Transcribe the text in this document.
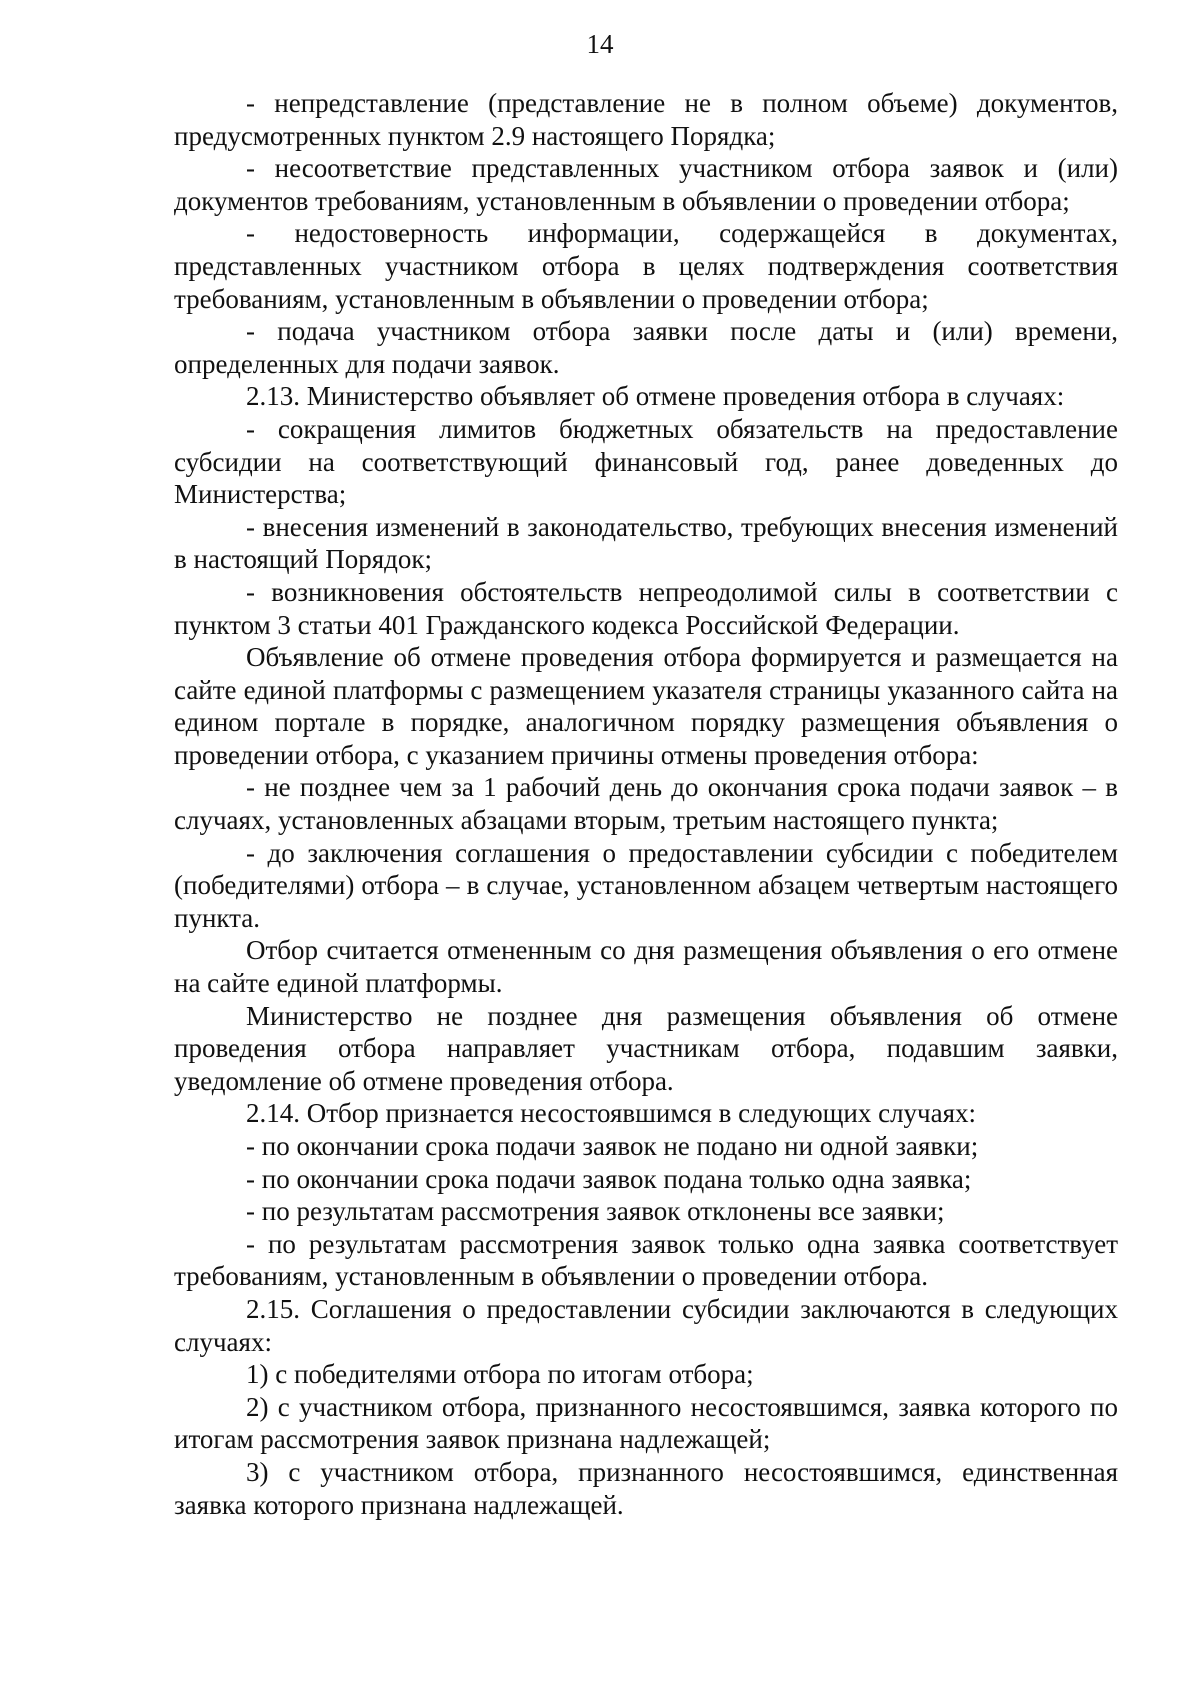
14

- непредставление (представление не в полном объеме) документов, предусмотренных пунктом 2.9 настоящего Порядка;

- несоответствие представленных участником отбора заявок и (или) документов требованиям, установленным в объявлении о проведении отбора;

- недостоверность информации, содержащейся в документах, представленных участником отбора в целях подтверждения соответствия требованиям, установленным в объявлении о проведении отбора;

- подача участником отбора заявки после даты и (или) времени, определенных для подачи заявок.

2.13. Министерство объявляет об отмене проведения отбора в случаях:

- сокращения лимитов бюджетных обязательств на предоставление субсидии на соответствующий финансовый год, ранее доведенных до Министерства;

- внесения изменений в законодательство, требующих внесения изменений в настоящий Порядок;

- возникновения обстоятельств непреодолимой силы в соответствии с пунктом 3 статьи 401 Гражданского кодекса Российской Федерации.

Объявление об отмене проведения отбора формируется и размещается на сайте единой платформы с размещением указателя страницы указанного сайта на едином портале в порядке, аналогичном порядку размещения объявления о проведении отбора, с указанием причины отмены проведения отбора:

- не позднее чем за 1 рабочий день до окончания срока подачи заявок – в случаях, установленных абзацами вторым, третьим настоящего пункта;

- до заключения соглашения о предоставлении субсидии с победителем (победителями) отбора – в случае, установленном абзацем четвертым настоящего пункта.

Отбор считается отмененным со дня размещения объявления о его отмене на сайте единой платформы.

Министерство не позднее дня размещения объявления об отмене проведения отбора направляет участникам отбора, подавшим заявки, уведомление об отмене проведения отбора.

2.14. Отбор признается несостоявшимся в следующих случаях:

- по окончании срока подачи заявок не подано ни одной заявки;

- по окончании срока подачи заявок подана только одна заявка;

- по результатам рассмотрения заявок отклонены все заявки;

- по результатам рассмотрения заявок только одна заявка соответствует требованиям, установленным в объявлении о проведении отбора.

2.15. Соглашения о предоставлении субсидии заключаются в следующих случаях:

1) с победителями отбора по итогам отбора;

2) с участником отбора, признанного несостоявшимся, заявка которого по итогам рассмотрения заявок признана надлежащей;

3) с участником отбора, признанного несостоявшимся, единственная заявка которого признана надлежащей.
